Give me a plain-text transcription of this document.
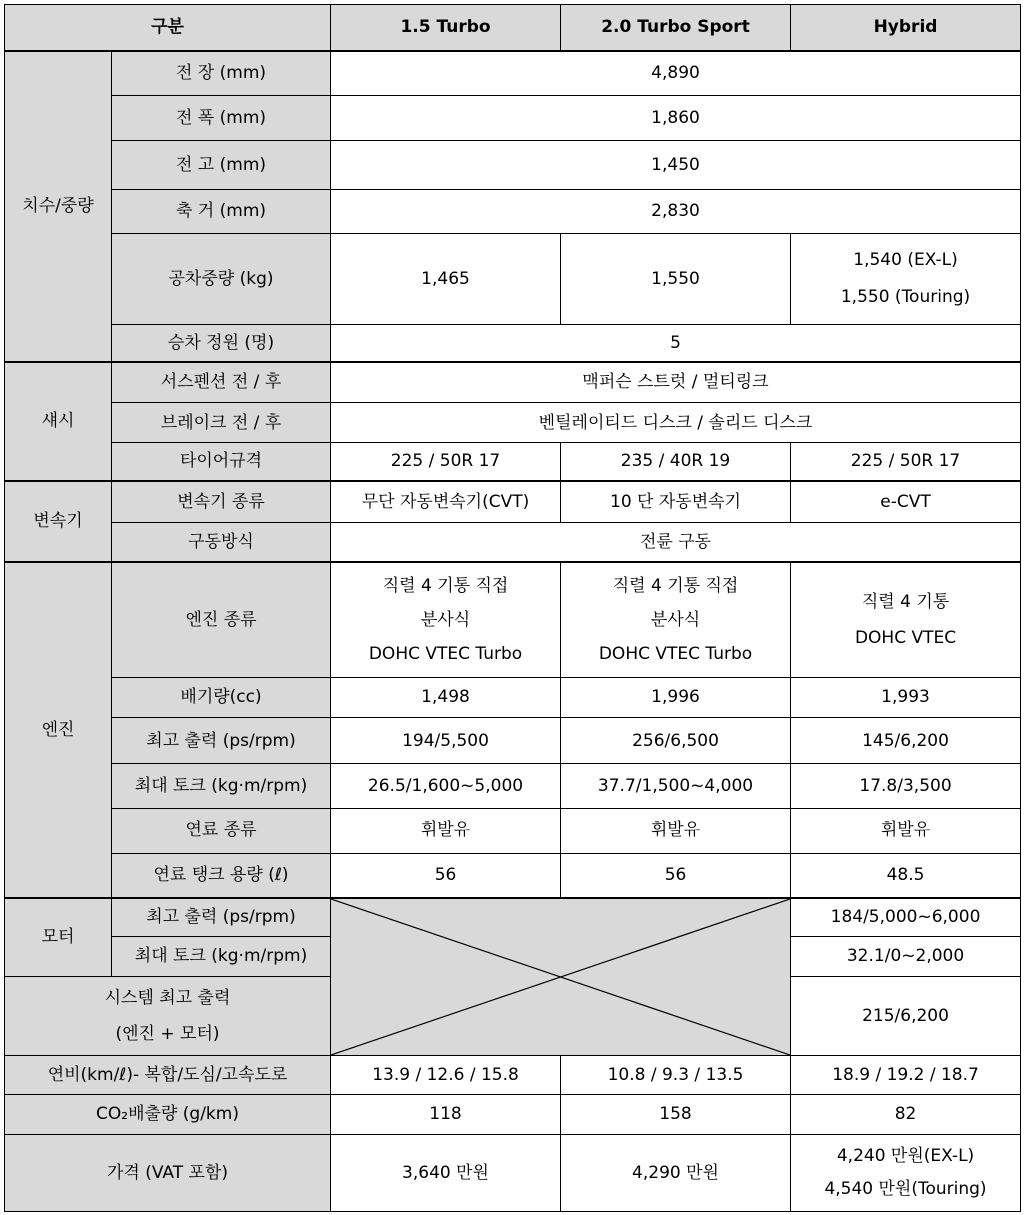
구분		1.5 Turbo	2.0 Turbo Sport	Hybrid
치수/중량	전 장 (mm)	4,890		
	전 폭 (mm)	1,860		
	전 고 (mm)	1,450		
	축 거 (mm)	2,830		
	공차중량 (kg)	1,465	1,550	1,540 (EX-L)
1,550 (Touring)

	승차 정원 (명)	5		
섀시	서스펜션 전 / 후	맥퍼슨 스트럿 / 멀티링크		
	브레이크 전 / 후	벤틸레이티드 디스크 / 솔리드 디스크		
	타이어규격	225 / 50R 17	235 / 40R 19	225 / 50R 17
변속기	변속기 종류	무단 자동변속기(CVT)	10 단 자동변속기	e-CVT
	구동방식	전륜 구동		
엔진	엔진 종류	직렬 4 기통 직접
분사식
DOHC VTEC Turbo	직렬 4 기통 직접
분사식
DOHC VTEC Turbo	직렬 4 기통
DOHC VTEC

	배기량(cc)	1,498	1,996	1,993
	최고 출력 (ps/rpm)	194/5,500	256/6,500	145/6,200
	최대 토크 (kg·m/rpm)	26.5/1,600~5,000	37.7/1,500~4,000	17.8/3,500
	연료 종류	휘발유	휘발유	휘발유
	연료 탱크 용량 (ℓ)	56	56	48.5
모터	최고 출력 (ps/rpm)			184/5,000~6,000
	최대 토크 (kg·m/rpm)			32.1/0~2,000

시스템 최고 출력
(엔진 + 모터)				215/6,200
연비(km/ℓ)- 복합/도심/고속도로		13.9 / 12.6 / 15.8	10.8 / 9.3 / 13.5	18.9 / 19.2 / 18.7
CO₂배출량 (g/km)		118	158	82
가격 (VAT 포함)		3,640 만원	4,290 만원	4,240 만원(EX-L)
4,540 만원(Touring)
